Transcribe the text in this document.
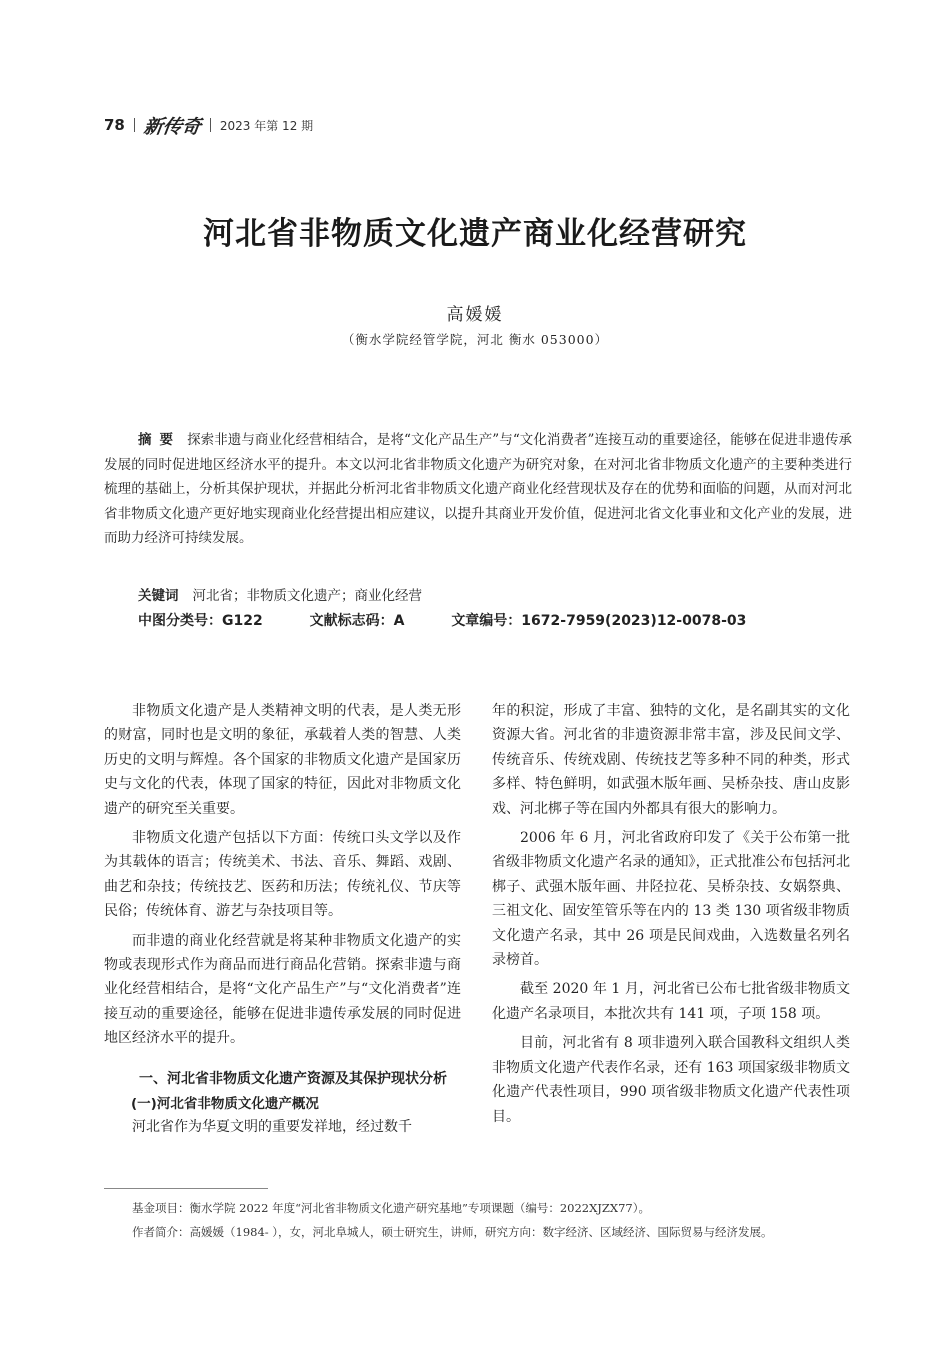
78 新传奇 2023 年第 12 期
河北省非物质文化遗产商业化经营研究
高媛媛
（衡水学院经管学院，河北 衡水 053000）
摘要 探索非遗与商业化经营相结合，是将“文化产品生产”与“文化消费者”连接互动的重要途径，能够在促进非遗传承发展的同时促进地区经济水平的提升。本文以河北省非物质文化遗产为研究对象，在对河北省非物质文化遗产的主要种类进行梳理的基础上，分析其保护现状，并据此分析河北省非物质文化遗产商业化经营现状及存在的优势和面临的问题，从而对河北省非物质文化遗产更好地实现商业化经营提出相应建议，以提升其商业开发价值，促进河北省文化事业和文化产业的发展，进而助力经济可持续发展。
关键词 河北省；非物质文化遗产；商业化经营
中图分类号：G122	文献标志码：A	文章编号：1672-7959(2023)12-0078-03

非物质文化遗产是人类精神文明的代表，是人类无形的财富，同时也是文明的象征，承载着人类的智慧、人类历史的文明与辉煌。各个国家的非物质文化遗产是国家历史与文化的代表，体现了国家的特征，因此对非物质文化遗产的研究至关重要。

非物质文化遗产包括以下方面：传统口头文学以及作为其载体的语言；传统美术、书法、音乐、舞蹈、戏剧、曲艺和杂技；传统技艺、医药和历法；传统礼仪、节庆等民俗；传统体育、游艺与杂技项目等。

而非遗的商业化经营就是将某种非物质文化遗产的实物或表现形式作为商品而进行商品化营销。探索非遗与商业化经营相结合，是将“文化产品生产”与“文化消费者”连接互动的重要途径，能够在促进非遗传承发展的同时促进地区经济水平的提升。

一、河北省非物质文化遗产资源及其保护现状分析
(一)河北省非物质文化遗产概况

河北省作为华夏文明的重要发祥地，经过数千

年的积淀，形成了丰富、独特的文化，是名副其实的文化资源大省。河北省的非遗资源非常丰富，涉及民间文学、传统音乐、传统戏剧、传统技艺等多种不同的种类，形式多样、特色鲜明，如武强木版年画、吴桥杂技、唐山皮影戏、河北梆子等在国内外都具有很大的影响力。

2006 年 6 月，河北省政府印发了《关于公布第一批省级非物质文化遗产名录的通知》，正式批准公布包括河北梆子、武强木版年画、井陉拉花、吴桥杂技、女娲祭典、三祖文化、固安笙管乐等在内的 13 类 130 项省级非物质文化遗产名录，其中 26 项是民间戏曲，入选数量名列名录榜首。

截至 2020 年 1 月，河北省已公布七批省级非物质文化遗产名录项目，本批次共有 141 项，子项 158 项。

目前，河北省有 8 项非遗列入联合国教科文组织人类非物质文化遗产代表作名录，还有 163 项国家级非物质文化遗产代表性项目，990 项省级非物质文化遗产代表性项目。

基金项目：衡水学院 2022 年度“河北省非物质文化遗产研究基地”专项课题（编号：2022XJZX77）。
作者简介：高媛媛（1984- ），女，河北阜城人，硕士研究生，讲师，研究方向：数字经济、区域经济、国际贸易与经济发展。
